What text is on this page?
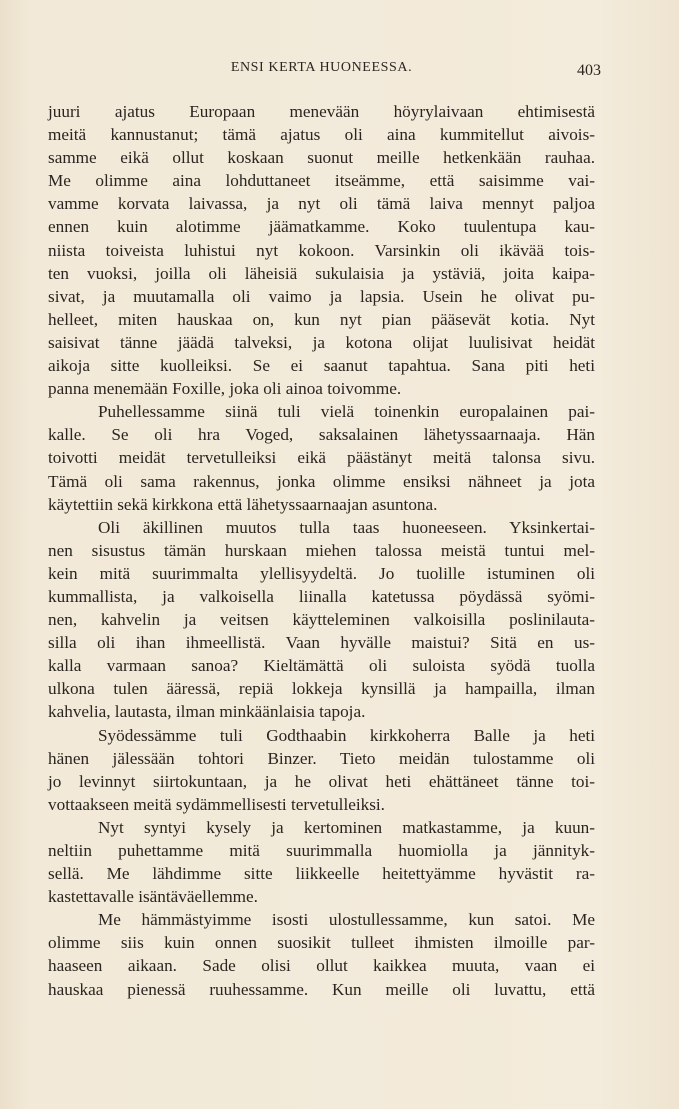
ENSI KERTA HUONEESSA.	403
juuri ajatus Europaan menevään höyrylaivaan ehtimisestä
meitä kannustanut; tämä ajatus oli aina kummitellut aivois-
samme eikä ollut koskaan suonut meille hetkenkään rauhaa.
Me olimme aina lohduttaneet itseämme, että saisimme vai-
vamme korvata laivassa, ja nyt oli tämä laiva mennyt paljoa
ennen kuin alotimme jäämatkamme. Koko tuulentupa kau-
niista toiveista luhistui nyt kokoon. Varsinkin oli ikävää tois-
ten vuoksi, joilla oli läheisiä sukulaisia ja ystäviä, joita kaipa-
sivat, ja muutamalla oli vaimo ja lapsia. Usein he olivat pu-
helleet, miten hauskaa on, kun nyt pian pääsevät kotia. Nyt
saisivat tänne jäädä talveksi, ja kotona olijat luulisivat heidät
aikoja sitte kuolleiksi. Se ei saanut tapahtua. Sana piti heti
panna menemään Foxille, joka oli ainoa toivomme.
Puhellessamme siinä tuli vielä toinenkin europalainen pai-
kalle. Se oli hra Voged, saksalainen lähetyssaarnaaja. Hän
toivotti meidät tervetulleiksi eikä päästänyt meitä talonsa sivu.
Tämä oli sama rakennus, jonka olimme ensiksi nähneet ja jota
käytettiin sekä kirkkona että lähetyssaarnaajan asuntona.
Oli äkillinen muutos tulla taas huoneeseen. Yksinkertai-
nen sisustus tämän hurskaan miehen talossa meistä tuntui mel-
kein mitä suurimmalta ylellisyydeltä. Jo tuolille istuminen oli
kummallista, ja valkoisella liinalla katetussa pöydässä syömi-
nen, kahvelin ja veitsen käytteleminen valkoisilla poslinilauta-
silla oli ihan ihmeellistä. Vaan hyvälle maistui? Sitä en us-
kalla varmaan sanoa? Kieltämättä oli suloista syödä tuolla
ulkona tulen ääressä, repiä lokkeja kynsillä ja hampailla, ilman
kahvelia, lautasta, ilman minkäänlaisia tapoja.
Syödessämme tuli Godthaabin kirkkoherra Balle ja heti
hänen jälessään tohtori Binzer. Tieto meidän tulostamme oli
jo levinnyt siirtokuntaan, ja he olivat heti ehättäneet tänne toi-
vottaakseen meitä sydämmellisesti tervetulleiksi.
Nyt syntyi kysely ja kertominen matkastamme, ja kuun-
neltiin puhettamme mitä suurimmalla huomiolla ja jännityk-
sellä. Me lähdimme sitte liikkeelle heitettyämme hyvästit ra-
kastettavalle isäntäväellemme.
Me hämmästyimme isosti ulostullessamme, kun satoi. Me
olimme siis kuin onnen suosikit tulleet ihmisten ilmoille par-
haaseen aikaan. Sade olisi ollut kaikkea muuta, vaan ei
hauskaa pienessä ruuhessamme. Kun meille oli luvattu, että
